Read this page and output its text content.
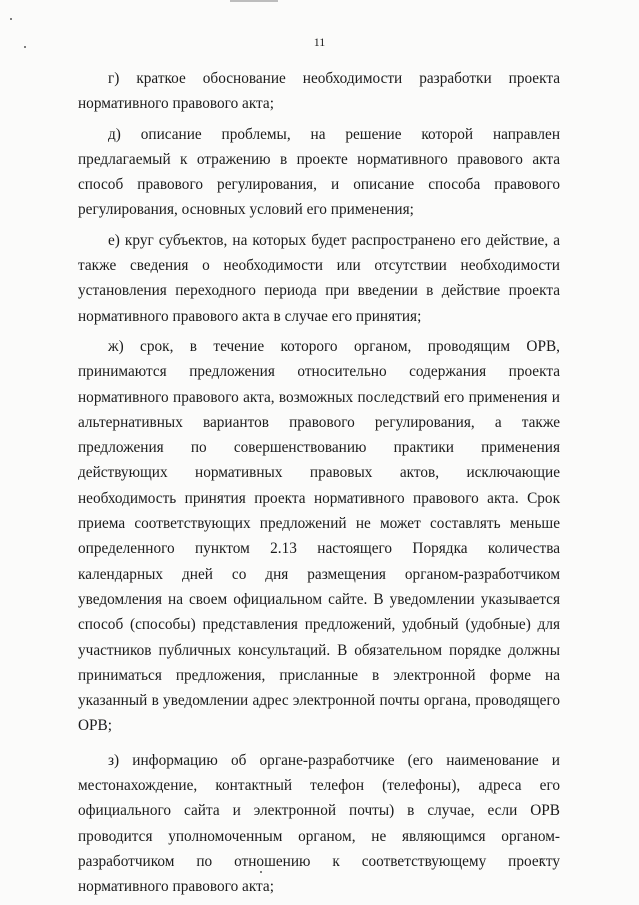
11

г) краткое обоснование необходимости разработки проекта нормативного правового акта;

д) описание проблемы, на решение которой направлен предлагаемый к отражению в проекте нормативного правового акта способ правового регулирования, и описание способа правового регулирования, основных условий его применения;

е) круг субъектов, на которых будет распространено его действие, а также сведения о необходимости или отсутствии необходимости установления переходного периода при введении в действие проекта нормативного правового акта в случае его принятия;

ж) срок, в течение которого органом, проводящим ОРВ, принимаются предложения относительно содержания проекта нормативного правового акта, возможных последствий его применения и альтернативных вариантов правового регулирования, а также предложения по совершенствованию практики применения действующих нормативных правовых актов, исключающие необходимость принятия проекта нормативного правового акта. Срок приема соответствующих предложений не может составлять меньше определенного пунктом 2.13 настоящего Порядка количества календарных дней со дня размещения органом-разработчиком уведомления на своем официальном сайте. В уведомлении указывается способ (способы) представления предложений, удобный (удобные) для участников публичных консультаций. В обязательном порядке должны приниматься предложения, присланные в электронной форме на указанный в уведомлении адрес электронной почты органа, проводящего ОРВ;

з) информацию об органе-разработчике (его наименование и местонахождение, контактный телефон (телефоны), адреса его официального сайта и электронной почты) в случае, если ОРВ проводится уполномоченным органом, не являющимся органом-разработчиком по отношению к соответствующему проекту нормативного правового акта;
